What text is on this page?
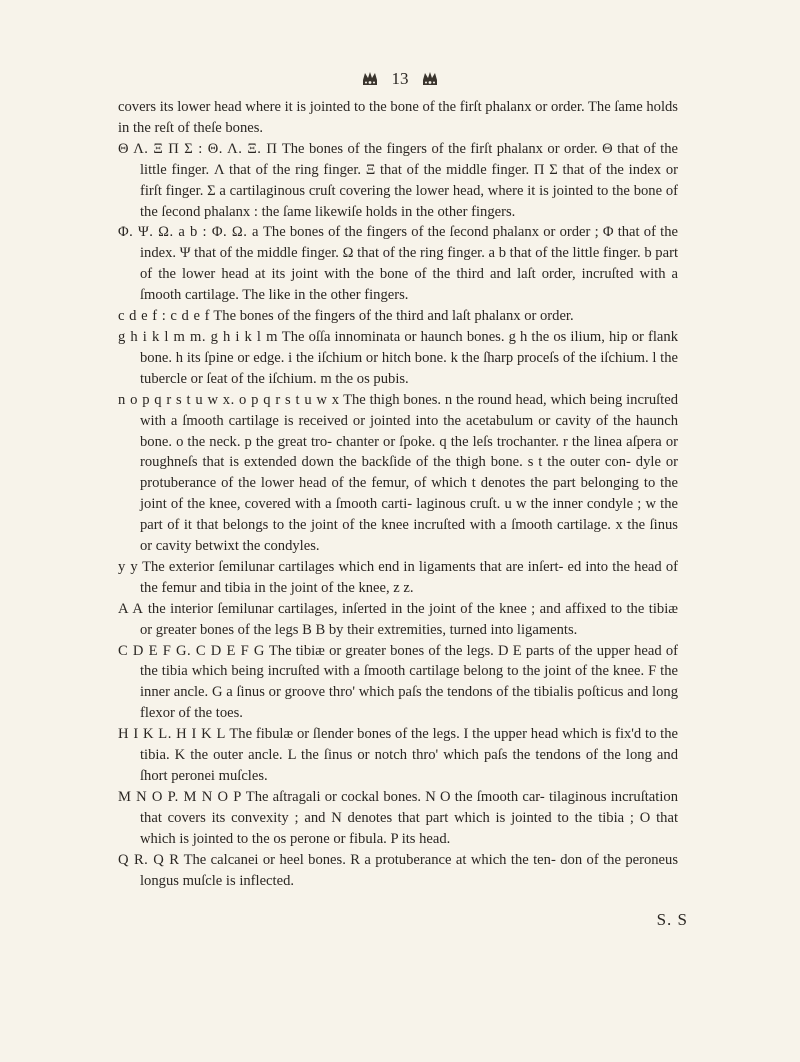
13

covers its lower head where it is jointed to the bone of the firſt phalanx or order. The ſame holds in the reſt of theſe bones.

Θ Λ. Ξ Π Σ : Θ. Λ. Ξ. Π The bones of the fingers of the firſt phalanx or order. Θ that of the little finger. Λ that of the ring finger. Ξ that of the middle finger. Π Σ that of the index or firſt finger. Σ a cartilaginous cruſt covering the lower head, where it is jointed to the bone of the ſecond phalanx : the ſame likewiſe holds in the other fingers.

Φ. Ψ. Ω. a b : Φ. Ω. a The bones of the fingers of the ſecond phalanx or order ; Φ that of the index. Ψ that of the middle finger. Ω that of the ring finger. a b that of the little finger. b part of the lower head at its joint with the bone of the third and laſt order, incruſted with a ſmooth cartilage. The like in the other fingers.

c d e f : c d e f The bones of the fingers of the third and laſt phalanx or order.

g h i k l m m. g h i k l m The oſſa innominata or haunch bones. g h the os ilium, hip or flank bone. h its ſpine or edge. i the iſchium or hitch bone. k the ſharp proceſs of the iſchium. l the tubercle or ſeat of the iſchium. m the os pubis.

n o p q r s t u w x. o p q r s t u w x The thigh bones. n the round head, which being incruſted with a ſmooth cartilage is received or jointed into the acetabulum or cavity of the haunch bone. o the neck. p the great tro- chanter or ſpoke. q the leſs trochanter. r the linea aſpera or roughneſs that is extended down the backſide of the thigh bone. s t the outer con- dyle or protuberance of the lower head of the femur, of which t denotes the part belonging to the joint of the knee, covered with a ſmooth carti- laginous cruſt. u w the inner condyle ; w the part of it that belongs to the joint of the knee incruſted with a ſmooth cartilage. x the ſinus or cavity betwixt the condyles.

y y The exterior ſemilunar cartilages which end in ligaments that are inſert- ed into the head of the femur and tibia in the joint of the knee, z z.

A A the interior ſemilunar cartilages, inſerted in the joint of the knee ; and affixed to the tibiæ or greater bones of the legs B B by their extremities, turned into ligaments.

C D E F G. C D E F G The tibiæ or greater bones of the legs. D E parts of the upper head of the tibia which being incruſted with a ſmooth cartilage belong to the joint of the knee. F the inner ancle. G a ſinus or groove thro' which paſs the tendons of the tibialis poſticus and long flexor of the toes.

H I K L. H I K L The fibulæ or ſlender bones of the legs. I the upper head which is fix'd to the tibia. K the outer ancle. L the ſinus or notch thro' which paſs the tendons of the long and ſhort peronei muſcles.

M N O P. M N O P The aſtragali or cockal bones. N O the ſmooth car- tilaginous incruſtation that covers its convexity ; and N denotes that part which is jointed to the tibia ; O that which is jointed to the os perone or fibula. P its head.

Q R. Q R The calcanei or heel bones. R a protuberance at which the ten- don of the peroneus longus muſcle is inflected.

S. S
